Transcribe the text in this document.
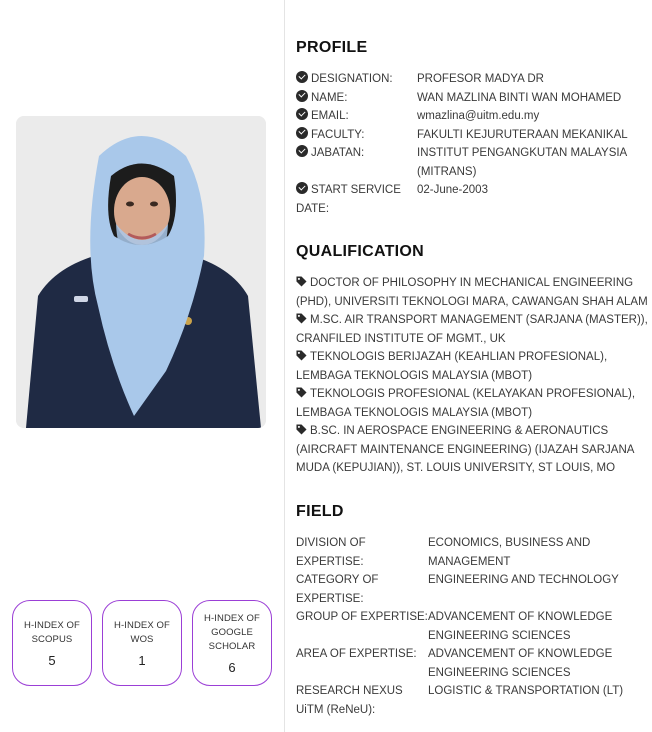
H-INDEX OF SCOPUS
5
H-INDEX OF WOS
1
H-INDEX OF GOOGLE SCHOLAR
6
PROFILE
DESIGNATION:	PROFESOR MADYA DR
NAME:	WAN MAZLINA BINTI WAN MOHAMED
EMAIL:	wmazlina@uitm.edu.my
FACULTY:	FAKULTI KEJURUTERAAN MEKANIKAL
JABATAN:	INSTITUT PENGANGKUTAN MALAYSIA (MITRANS)
START SERVICE DATE:
02-June-2003
QUALIFICATION
DOCTOR OF PHILOSOPHY IN MECHANICAL ENGINEERING (PHD), UNIVERSITI TEKNOLOGI MARA, CAWANGAN SHAH ALAM
M.SC. AIR TRANSPORT MANAGEMENT (SARJANA (MASTER)), CRANFILED INSTITUTE OF MGMT., UK
TEKNOLOGIS BERIJAZAH (KEAHLIAN PROFESIONAL), LEMBAGA TEKNOLOGIS MALAYSIA (MBOT)
TEKNOLOGIS PROFESIONAL (KELAYAKAN PROFESIONAL), LEMBAGA TEKNOLOGIS MALAYSIA (MBOT)
B.SC. IN AEROSPACE ENGINEERING & AERONAUTICS (AIRCRAFT MAINTENANCE ENGINEERING) (IJAZAH SARJANA MUDA (KEPUJIAN)), ST. LOUIS UNIVERSITY, ST LOUIS, MO
FIELD
DIVISION OF EXPERTISE:
ECONOMICS, BUSINESS AND MANAGEMENT
CATEGORY OF EXPERTISE:
ENGINEERING AND TECHNOLOGY
GROUP OF EXPERTISE: ADVANCEMENT OF KNOWLEDGE ENGINEERING SCIENCES
AREA OF EXPERTISE: ADVANCEMENT OF KNOWLEDGE ENGINEERING SCIENCES
RESEARCH NEXUS UiTM (ReNeU):
LOGISTIC & TRANSPORTATION (LT)
